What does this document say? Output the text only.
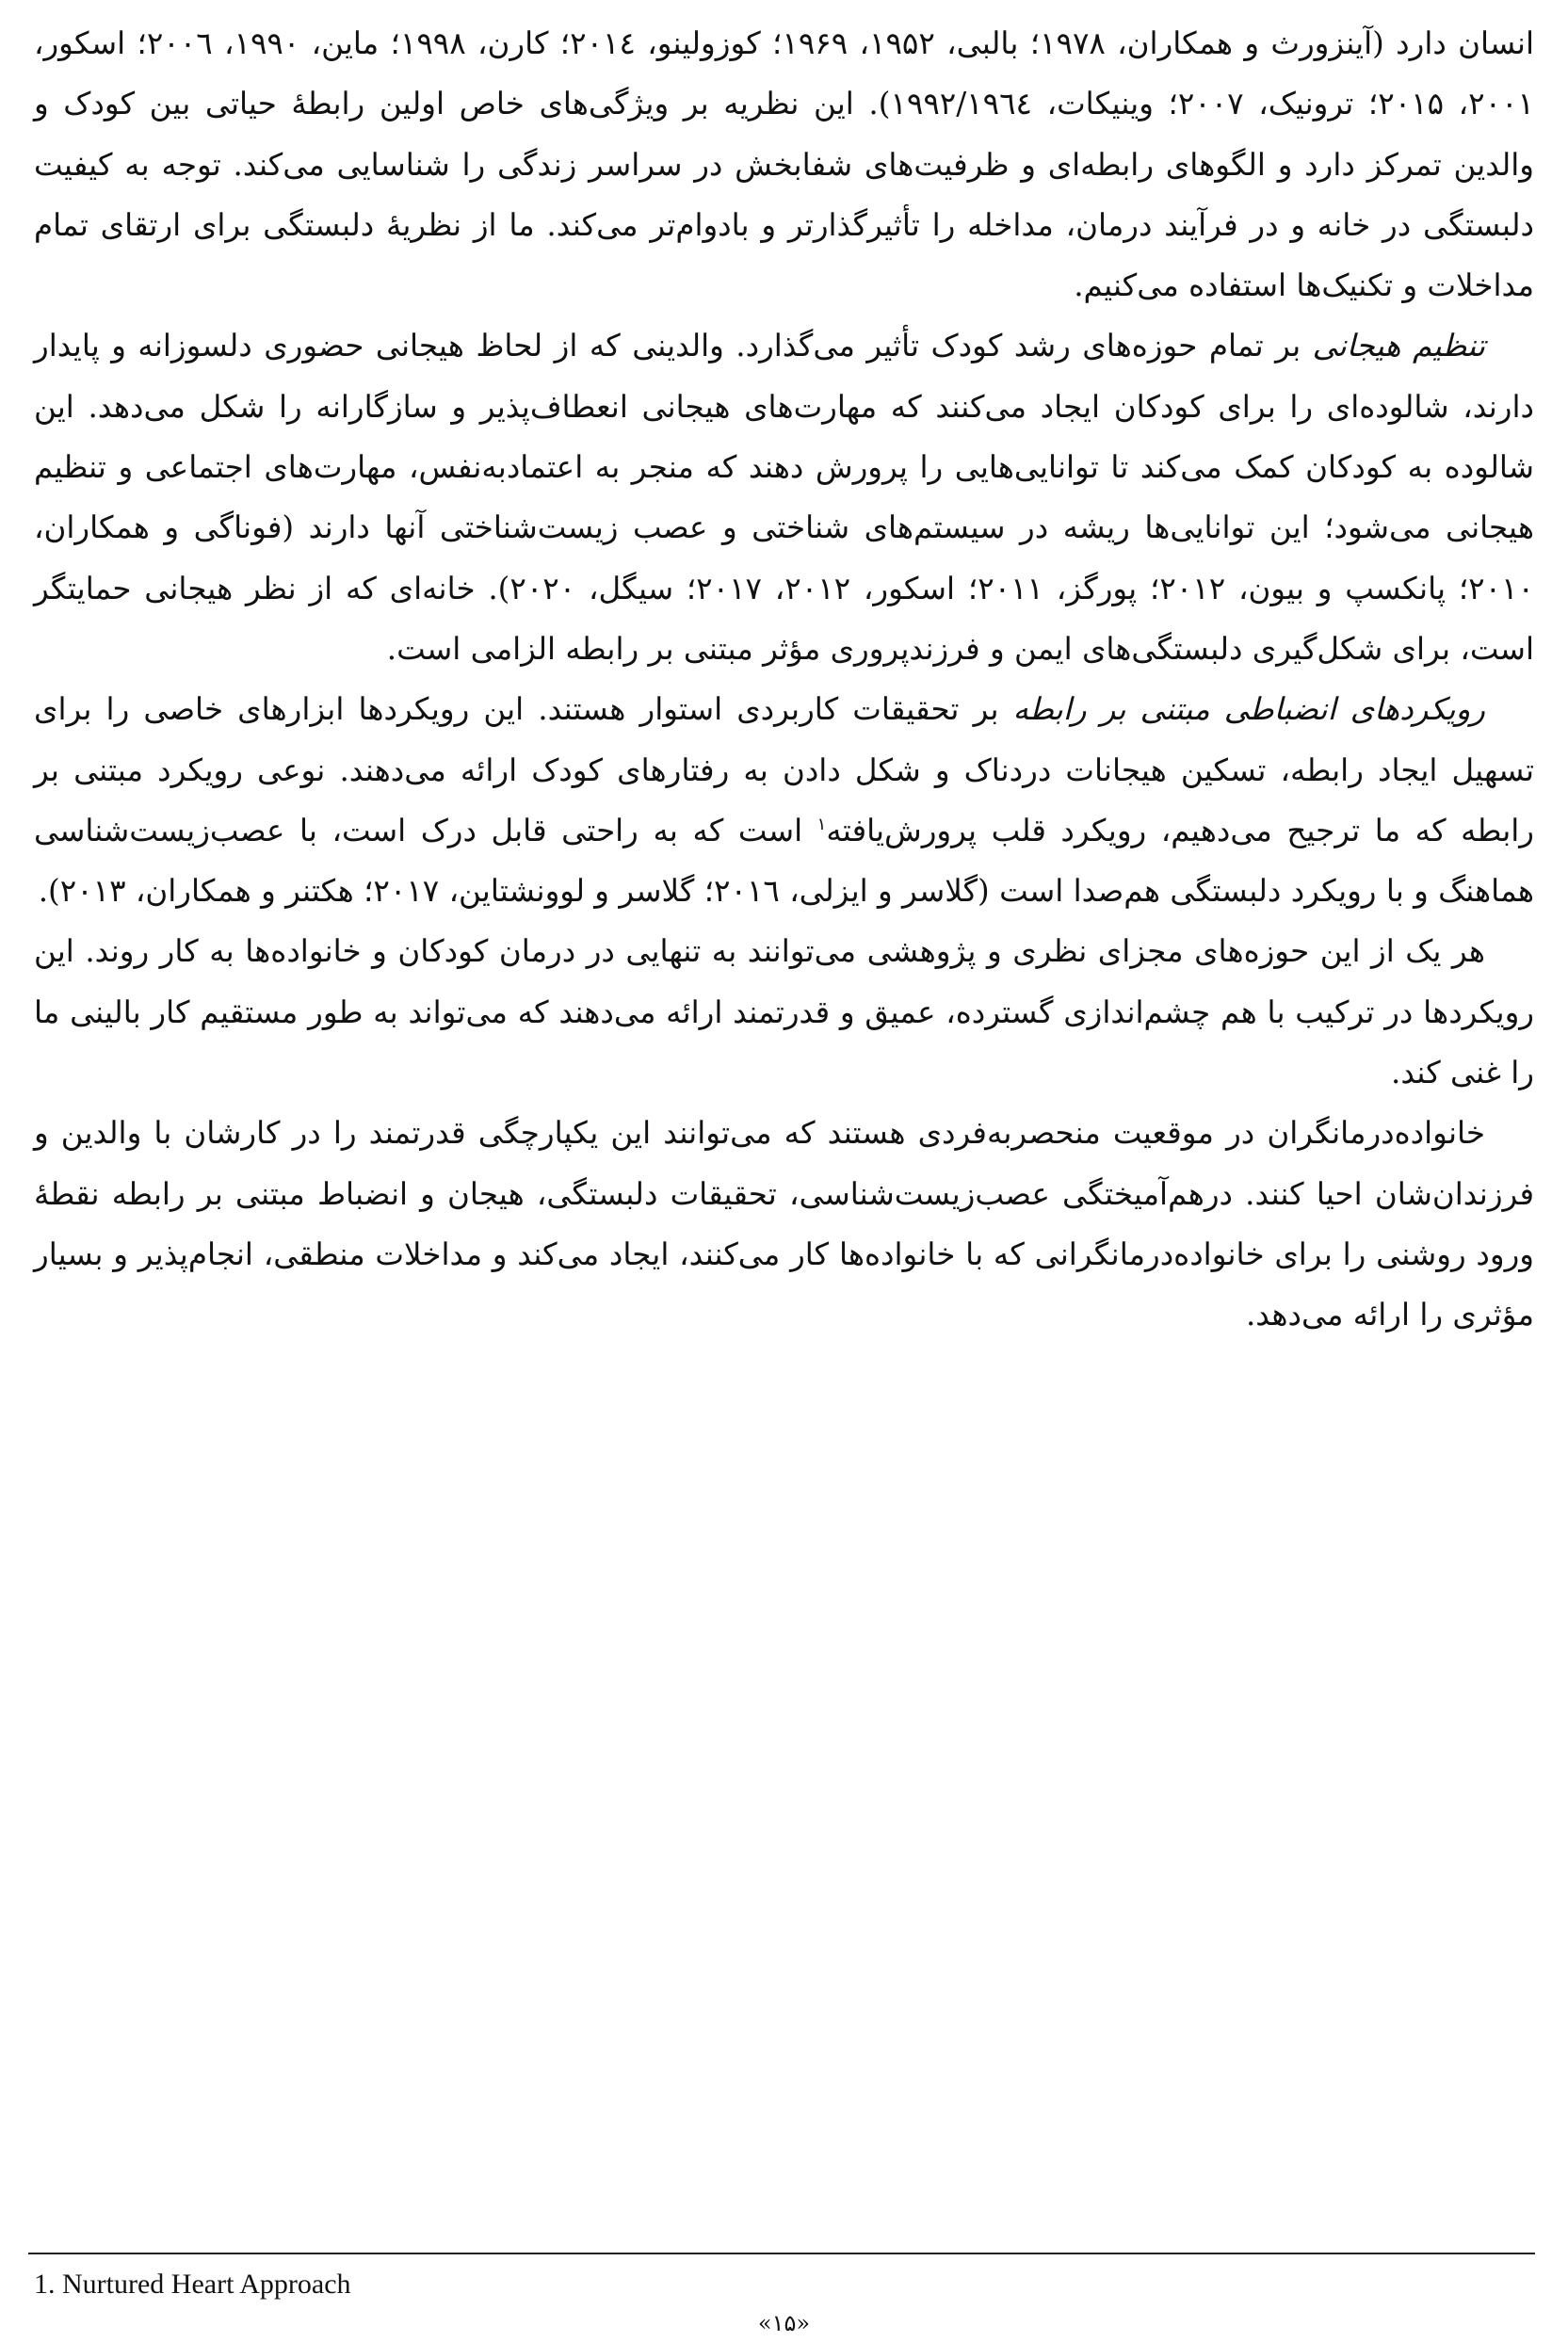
انسان دارد (آینزورث و همکاران، ۱۹۷۸؛ بالبی، ۱۹۵۲، ۱۹۶۹؛ کوزولینو، ۲۰۱٤؛ کارن، ۱۹۹۸؛ ماین، ۱۹۹۰، ۲۰۰٦؛ اسکور، ۲۰۰۱، ۲۰۱۵؛ ترونیک، ۲۰۰۷؛ وینیکات، ۱۹۹۲/۱۹٦٤). این نظریه بر ویژگی‌های خاص اولین رابطۀ حیاتی بین کودک و والدین تمرکز دارد و الگوهای رابطه‌ای و ظرفیت‌های شفابخش در سراسر زندگی را شناسایی می‌کند. توجه به کیفیت دلبستگی در خانه و در فرآیند درمان، مداخله را تأثیرگذارتر و بادوام‌تر می‌کند. ما از نظریۀ دلبستگی برای ارتقای تمام مداخلات و تکنیک‌ها استفاده می‌کنیم.

تنظیم هیجانی بر تمام حوزه‌های رشد کودک تأثیر می‌گذارد. والدینی که از لحاظ هیجانی حضوری دلسوزانه و پایدار دارند، شالوده‌ای را برای کودکان ایجاد می‌کنند که مهارت‌های هیجانی انعطاف‌پذیر و سازگارانه را شکل می‌دهد. این شالوده به کودکان کمک می‌کند تا توانایی‌هایی را پرورش دهند که منجر به اعتمادبه‌نفس، مهارت‌های اجتماعی و تنظیم هیجانی می‌شود؛ این توانایی‌ها ریشه در سیستم‌های شناختی و عصب زیست‌شناختی آنها دارند (فوناگی و همکاران، ۲۰۱۰؛ پانکسپ و بیون، ۲۰۱۲؛ پورگز، ۲۰۱۱؛ اسکور، ۲۰۱۲، ۲۰۱۷؛ سیگل، ۲۰۲۰). خانه‌ای که از نظر هیجانی حمایتگر است، برای شکل‌گیری دلبستگی‌های ایمن و فرزندپروری مؤثر مبتنی بر رابطه الزامی است.

رویکردهای انضباطی مبتنی بر رابطه بر تحقیقات کاربردی استوار هستند. این رویکردها ابزارهای خاصی را برای تسهیل ایجاد رابطه، تسکین هیجانات دردناک و شکل دادن به رفتارهای کودک ارائه می‌دهند. نوعی رویکرد مبتنی بر رابطه که ما ترجیح می‌دهیم، رویکرد قلب پرورش‌یافته$^۱$ است که به راحتی قابل درک است، با عصب‌زیست‌شناسی هماهنگ و با رویکرد دلبستگی هم‌صدا است (گلاسر و ایزلی، ۲۰۱٦؛ گلاسر و لوونشتاین، ۲۰۱۷؛ هکتنر و همکاران، ۲۰۱۳).

هر یک از این حوزه‌های مجزای نظری و پژوهشی می‌توانند به تنهایی در درمان کودکان و خانواده‌ها به کار روند. این رویکردها در ترکیب با هم چشم‌اندازی گسترده، عمیق و قدرتمند ارائه می‌دهند که می‌تواند به طور مستقیم کار بالینی ما را غنی کند.

خانواده‌درمانگران در موقعیت منحصربه‌فردی هستند که می‌توانند این یکپارچگی قدرتمند را در کارشان با والدین و فرزندان‌شان احیا کنند. درهم‌آمیختگی عصب‌زیست‌شناسی، تحقیقات دلبستگی، هیجان و انضباط مبتنی بر رابطه نقطۀ ورود روشنی را برای خانواده‌درمانگرانی که با خانواده‌ها کار می‌کنند، ایجاد می‌کند و مداخلات منطقی، انجام‌پذیر و بسیار مؤثری را ارائه می‌دهد.

1. Nurtured Heart Approach
«۱۵»
